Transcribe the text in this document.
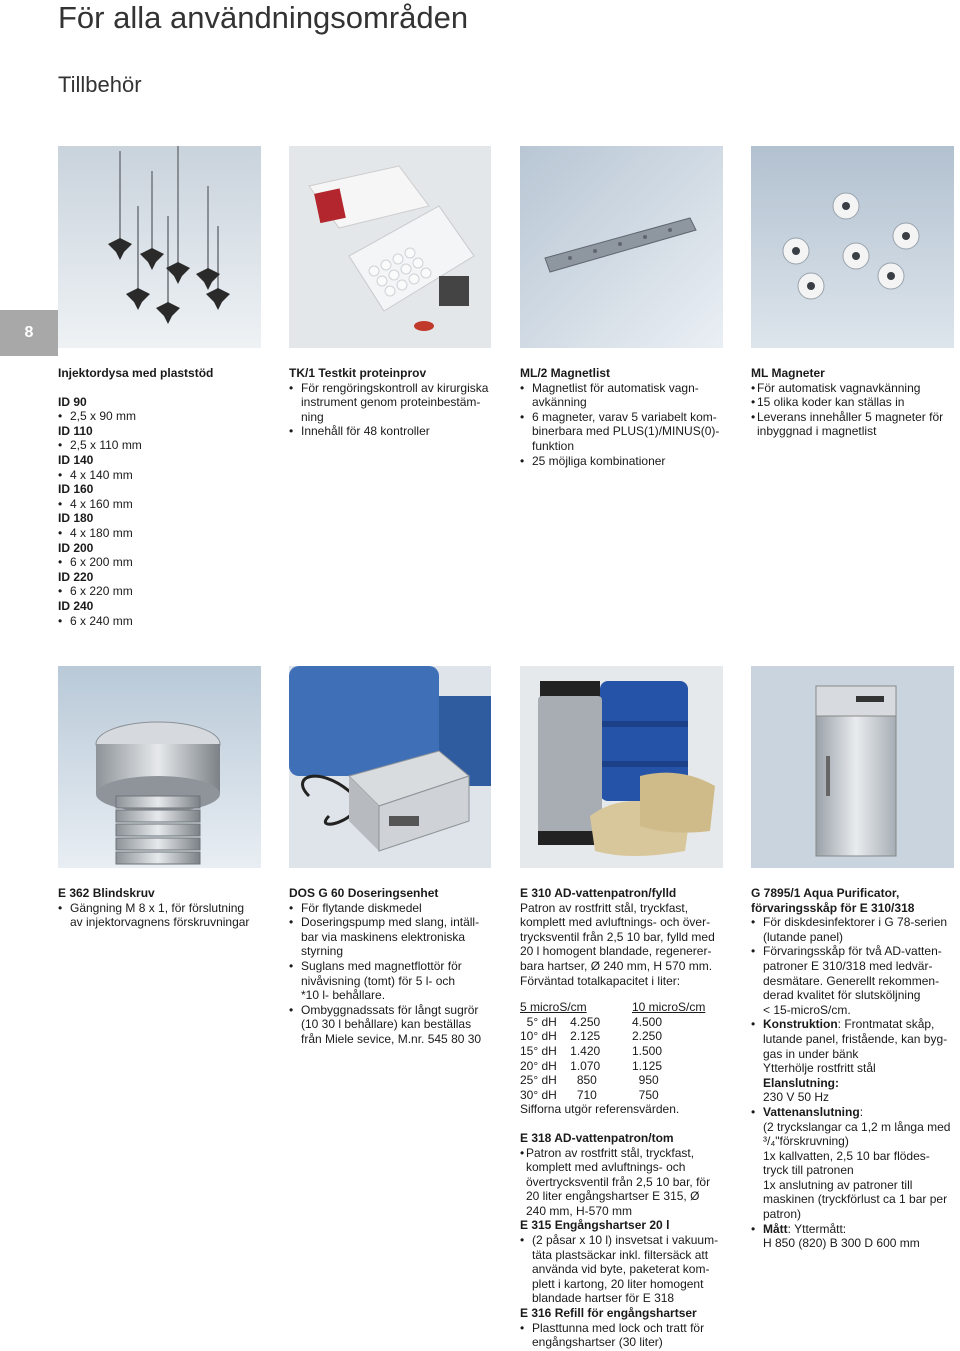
För alla användningsområden
Tillbehör
8
Injektordysa med plaststöd
ID 90
• 2,5 x 90 mm
ID 110
• 2,5 x 110 mm
ID 140
• 4 x 140 mm
ID 160
• 4 x 160 mm
ID 180
• 4 x 180 mm
ID 200
• 6 x 200 mm
ID 220
• 6 x 220 mm
ID 240
• 6 x 240 mm
TK/1 Testkit proteinprov
• För rengöringskontroll av kirurgiska
instrument genom proteinbestäm-
ning
• Innehåll för 48 kontroller
ML/2 Magnetlist
• Magnetlist för automatisk vagn-
avkänning
• 6 magneter, varav 5 variabelt kom-
binerbara med PLUS(1)/MINUS(0)-
funktion
• 25 möjliga kombinationer
ML Magneter
• För automatisk vagnavkänning
• 15 olika koder kan ställas in
• Leverans innehåller 5 magneter för
inbyggnad i magnetlist
E 362 Blindskruv
• Gängning M 8 x 1, för förslutning
av injektorvagnens förskruvningar
DOS G 60 Doseringsenhet
• För flytande diskmedel
• Doseringspump med slang, intäll-
bar via maskinens elektroniska
styrning
• Suglans med magnetflottör för
nivåvisning (tomt) för 5 l- och
*10 l- behållare.
• Ombyggnadssats för långt sugrör
(10 30 l behållare) kan beställas
från Miele sevice, M.nr. 545 80 30
E 310 AD-vattenpatron/fylld
Patron av rostfritt stål, tryckfast,
komplett med avluftnings- och över-
trycksventil från 2,5 10 bar, fylld med
20 l homogent blandade, regenerer-
bara hartser, Ø 240 mm, H 570 mm.
Förväntad totalkapacitet i liter:
5 microS/cm	10 microS/cm
5° dH    4.250	4.500
10° dH    2.125	2.250
15° dH    1.420	1.500
20° dH    1.070	1.125
25° dH      850	950
30° dH      710	750
Sifforna utgör referensvärden.
E 318 AD-vattenpatron/tom
• Patron av rostfritt stål, tryckfast,
komplett med avluftnings- och
övertrycksventil från 2,5 10 bar, för
20 liter engångshartser E 315, Ø
240 mm, H-570 mm
E 315 Engångshartser 20 l
• (2 påsar x 10 l) insvetsat i vakuum-
täta plastsäckar inkl. filtersäck att
använda vid byte, paketerat kom-
plett i kartong, 20 liter homogent
blandade hartser för E 318
E 316 Refill för engångshartser
• Plasttunna med lock och tratt för
engångshartser (30 liter)
G 7895/1 Aqua Purificator,
förvaringsskåp för E 310/318
• För diskdesinfektorer i G 78-serien
(lutande panel)
• Förvaringsskåp för två AD-vatten-
patroner E 310/318 med ledvär-
desmätare. Generellt rekommen-
derad kvalitet för slutsköljning
< 15-microS/cm.
• Konstruktion: Frontmatat skåp,
lutande panel, fristående, kan byg-
gas in under bänk
Ytterhölje rostfritt stål
Elanslutning:
230 V 50 Hz
• Vattenanslutning:
(2 tryckslangar ca 1,2 m långa med
³/₄"förskruvning)
1x kallvatten, 2,5 10 bar flödes-
tryck till patronen
1x anslutning av patroner till
maskinen (tryckförlust ca 1 bar per
patron)
• Mått: Yttermått:
H 850 (820) B 300 D 600 mm
